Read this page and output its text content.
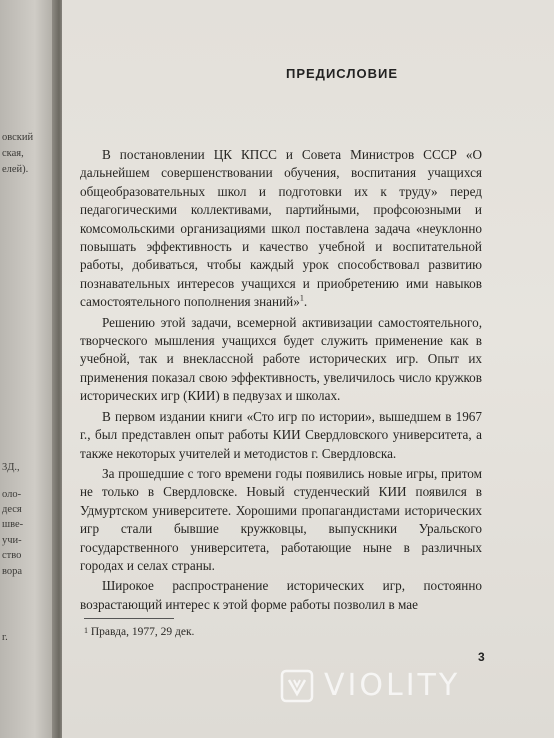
овский
ская,
елей).
3Д.,
оло-
деся
шве-
учи-
ство
вора
г.
ПРЕДИСЛОВИЕ

В постановлении ЦК КПСС и Совета Министров СССР «О дальнейшем совершенствовании обучения, воспитания учащихся общеобразовательных школ и подготовки их к труду» перед педагогическими коллективами, партийными, профсоюзными и комсомольскими организациями школ поставлена задача «неуклонно повышать эффективность и качество учебной и воспитательной работы, добиваться, чтобы каждый урок способствовал развитию познавательных интересов учащихся и приобретению ими навыков самостоятельного пополнения знаний»$^1$.

Решению этой задачи, всемерной активизации самостоятельного, творческого мышления учащихся будет служить применение как в учебной, так и внеклассной работе исторических игр. Опыт их применения показал свою эффективность, увеличилось число кружков исторических игр (КИИ) в педвузах и школах.

В первом издании книги «Сто игр по истории», вышедшем в 1967 г., был представлен опыт работы КИИ Свердловского университета, а также некоторых учителей и методистов г. Свердловска.

За прошедшие с того времени годы появились новые игры, притом не только в Свердловске. Новый студенческий КИИ появился в Удмуртском университете. Хорошими пропагандистами исторических игр стали бывшие кружковцы, выпускники Уральского государственного университета, работающие ныне в различных городах и селах страны.

Широкое распространение исторических игр, постоянно возрастающий интерес к этой форме работы позволил в мае

$^1$ Правда, 1977, 29 дек.
3
VIOLITY
